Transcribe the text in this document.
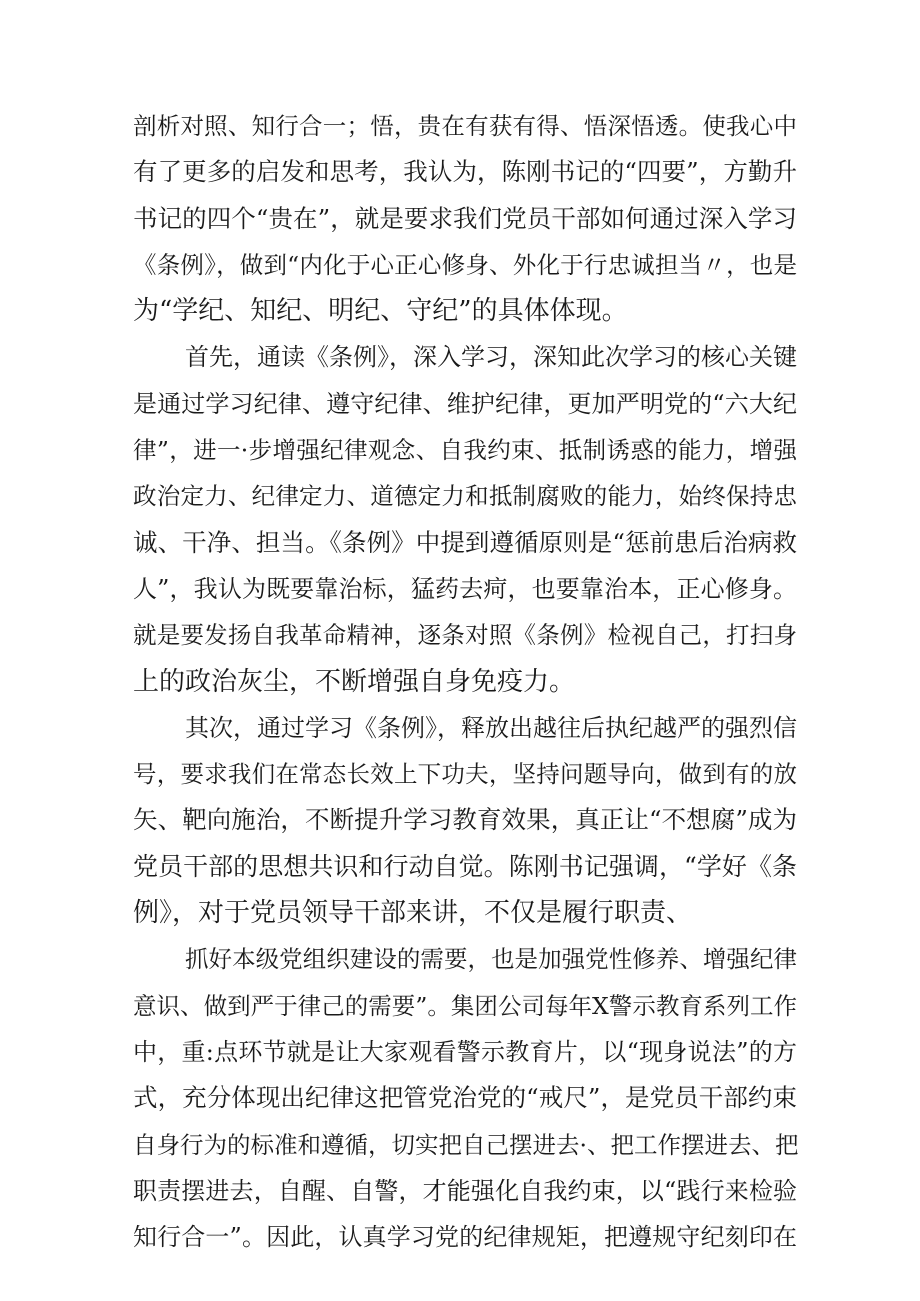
剖析对照、知行合一；悟，贵在有获有得、悟深悟透。使我心中
有了更多的启发和思考，我认为，陈刚书记的“四要”，方勤升
书记的四个“贵在”，就是要求我们党员干部如何通过深入学习
《条例》，做到“内化于心正心修身、外化于行忠诚担当〃，也是
为“学纪、知纪、明纪、守纪”的具体体现。
首先，通读《条例》，深入学习，深知此次学习的核心关键
是通过学习纪律、遵守纪律、维护纪律，更加严明党的“六大纪
律”，进一·步增强纪律观念、自我约束、抵制诱惑的能力，增强
政治定力、纪律定力、道德定力和抵制腐败的能力，始终保持忠
诚、干净、担当。《条例》中提到遵循原则是“惩前患后治病救
人”，我认为既要靠治标，猛药去疴，也要靠治本，正心修身。
就是要发扬自我革命精神，逐条对照《条例》检视自己，打扫身
上的政治灰尘，不断增强自身免疫力。
其次，通过学习《条例》，释放出越往后执纪越严的强烈信
号，要求我们在常态长效上下功夫，坚持问题导向，做到有的放
矢、靶向施治，不断提升学习教育效果，真正让“不想腐”成为
党员干部的思想共识和行动自觉。陈刚书记强调，“学好《条
例》，对于党员领导干部来讲，不仅是履行职责、
抓好本级党组织建设的需要，也是加强党性修养、增强纪律
意识、做到严于律己的需要”。集团公司每年X警示教育系列工作
中，重:点环节就是让大家观看警示教育片，以“现身说法”的方
式，充分体现出纪律这把管党治党的“戒尺”，是党员干部约束
自身行为的标准和遵循，切实把自己摆进去·、把工作摆进去、把
职责摆进去，自醒、自警，才能强化自我约束，以“践行来检验
知行合一”。因此，认真学习党的纪律规矩，把遵规守纪刻印在
